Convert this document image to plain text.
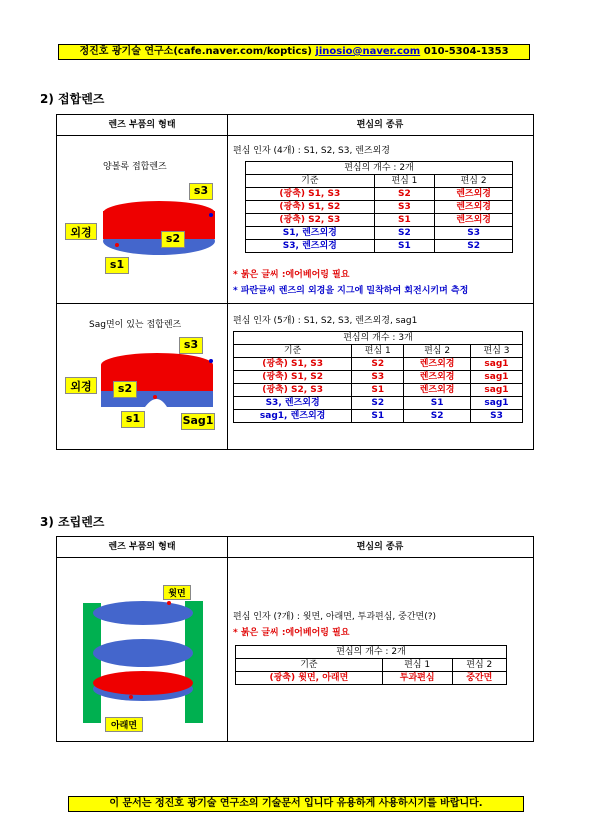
정진호 광기술 연구소(cafe.naver.com/koptics) jinosio@naver.com 010-5304-1353
2) 접합렌즈
렌즈 부품의 형태	편심의 종류
양볼록 접합렌즈
s3
외경	s2
s1
편심 인자 (4개) : S1, S2, S3, 렌즈외경
편심의 개수 : 2개		
기준	편심 1	편심 2
(광축) S1, S3	S2	렌즈외경
(광축) S1, S2	S3	렌즈외경
(광축) S2, S3	S1	렌즈외경
S1, 렌즈외경	S2	S3
S3, 렌즈외경	S1	S2
* 붉은 글씨 :에어베어링 필요
* 파란글씨 렌즈의 외경을 지그에 밀착하여 회전시키며 측정
Sag면이 있는 접합렌즈
s3
외경	s2
s1	Sag1
편심 인자 (5개) : S1, S2, S3, 렌즈외경, sag1
편심의 개수 : 3개			
기준	편심 1	편심 2	편심 3
(광축) S1, S3	S2	렌즈외경	sag1
(광축) S1, S2	S3	렌즈외경	sag1
(광축) S2, S3	S1	렌즈외경	sag1
S3, 렌즈외경	S2	S1	sag1
sag1, 렌즈외경	S1	S2	S3
3) 조립렌즈
렌즈 부품의 형태	편심의 종류
윗면
아래면
편심 인자 (?개) : 윗면, 아래면, 투과편심, 중간면(?)
* 붉은 글씨 :에어베어링 필요
편심의 개수 : 2개		
기준	편심 1	편심 2
(광축) 윗면, 아래면	투과편심	중간면
이 문서는 정진호 광기술 연구소의 기술문서 입니다 유용하게 사용하시기를 바랍니다.
